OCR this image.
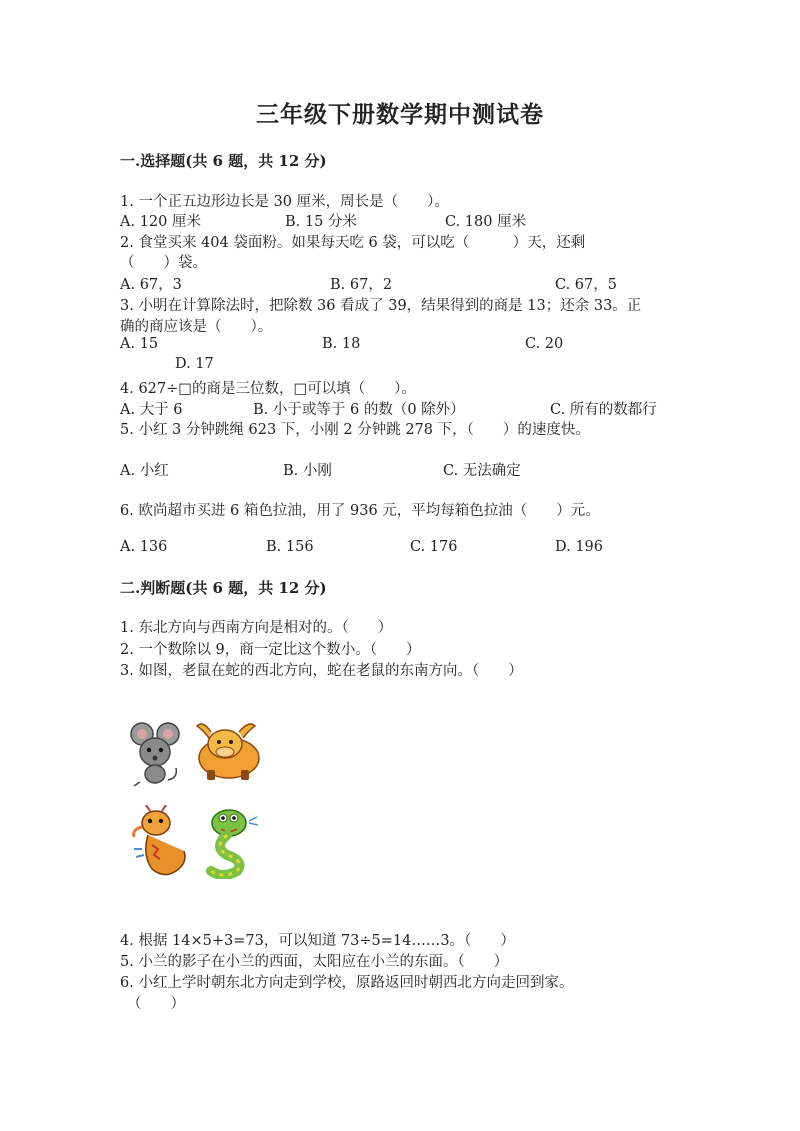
三年级下册数学期中测试卷
一.选择题(共 6 题，共 12 分)
1. 一个正五边形边长是 30 厘米，周长是（　　）。
A. 120 厘米	B. 15 分米	C. 180 厘米
2. 食堂买来 404 袋面粉。如果每天吃 6 袋，可以吃（　　　）天，还剩
（　　）袋。
A. 67，3	B. 67，2	C. 67，5
3. 小明在计算除法时，把除数 36 看成了 39，结果得到的商是 13；还余 33。正
确的商应该是（　　）。
A. 15	B. 18	C. 20
D. 17
4. 627÷□的商是三位数，□可以填（　　）。
A. 大于 6	B. 小于或等于 6 的数（0 除外）	C. 所有的数都行
5. 小红 3 分钟跳绳 623 下，小刚 2 分钟跳 278 下，（　　）的速度快。
A. 小红	B. 小刚	C. 无法确定
6. 欧尚超市买进 6 箱色拉油，用了 936 元，平均每箱色拉油（　　）元。
A. 136	B. 156	C. 176	D. 196
二.判断题(共 6 题，共 12 分)
1. 东北方向与西南方向是相对的。（　　）
2. 一个数除以 9，商一定比这个数小。（　　）
3. 如图，老鼠在蛇的西北方向，蛇在老鼠的东南方向。（　　）
4. 根据 14×5+3=73，可以知道 73÷5=14……3。（　　）
5. 小兰的影子在小兰的西面，太阳应在小兰的东面。（　　）
6. 小红上学时朝东北方向走到学校，原路返回时朝西北方向走回到家。
（　　）
